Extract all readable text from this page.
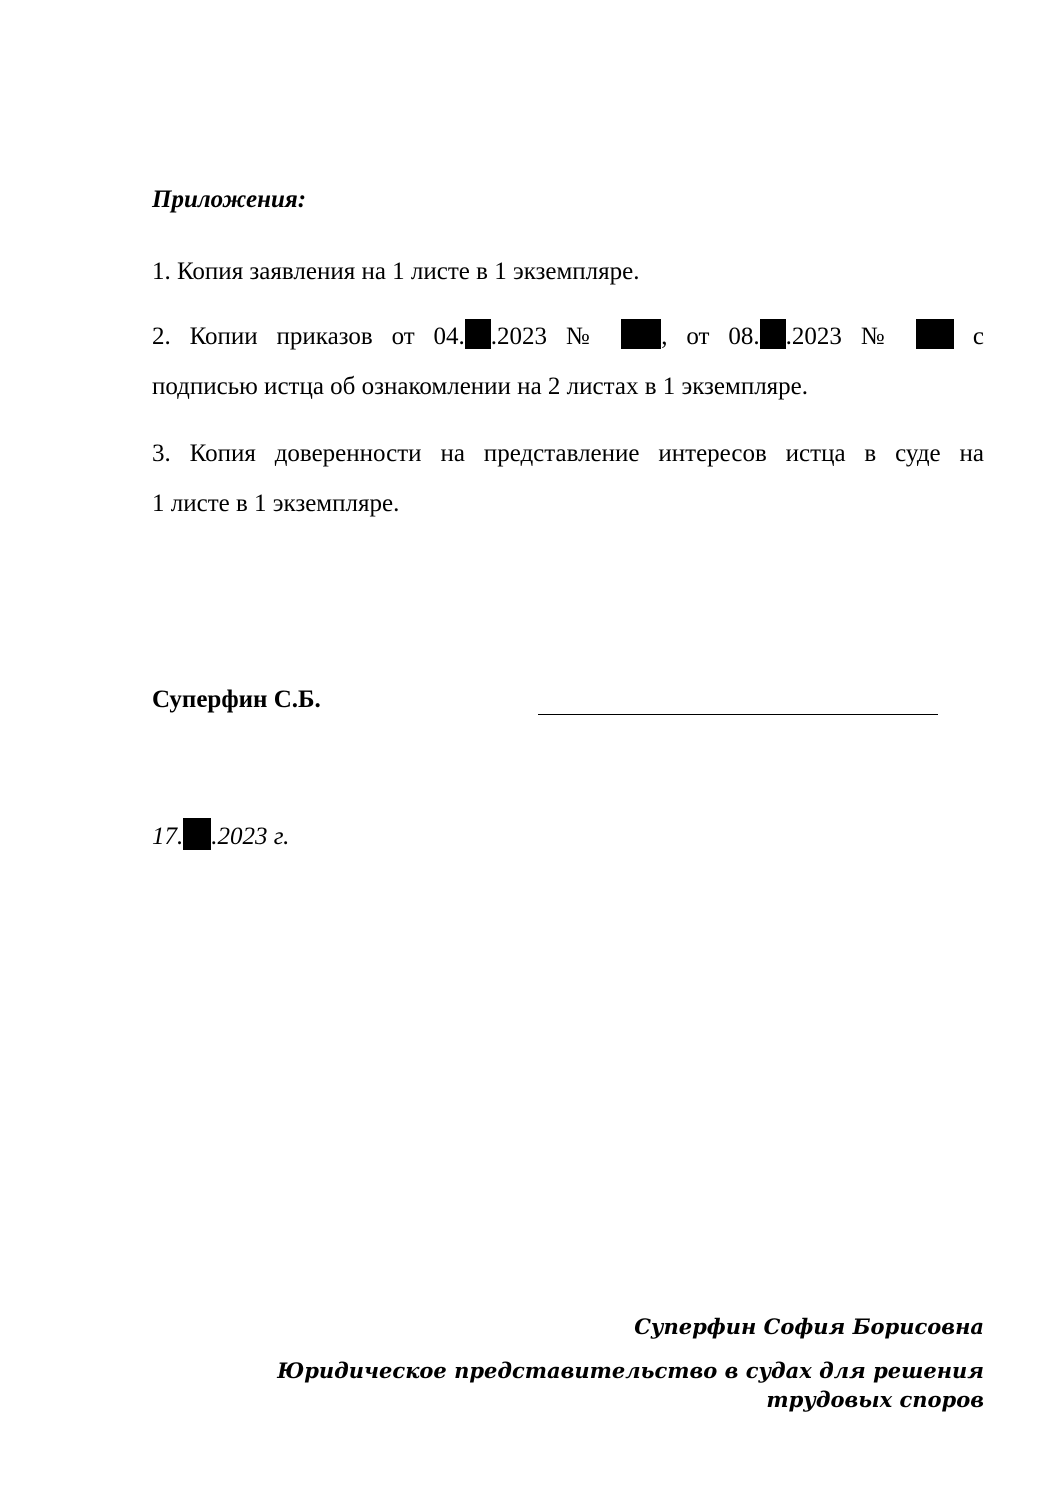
Приложения:
1. Копия заявления на 1 листе в 1 экземпляре.
2. Копии приказов от 04. .2023 № , от 08. .2023 №	с
подписью истца об ознакомлении на 2 листах в 1 экземпляре.
3. Копия доверенности на представление интересов истца в суде на
1 листе в 1 экземпляре.
Суперфин С.Б.
17. .2023 г.
Суперфин София Борисовна
Юридическое представительство в судах для решения трудовых споров
